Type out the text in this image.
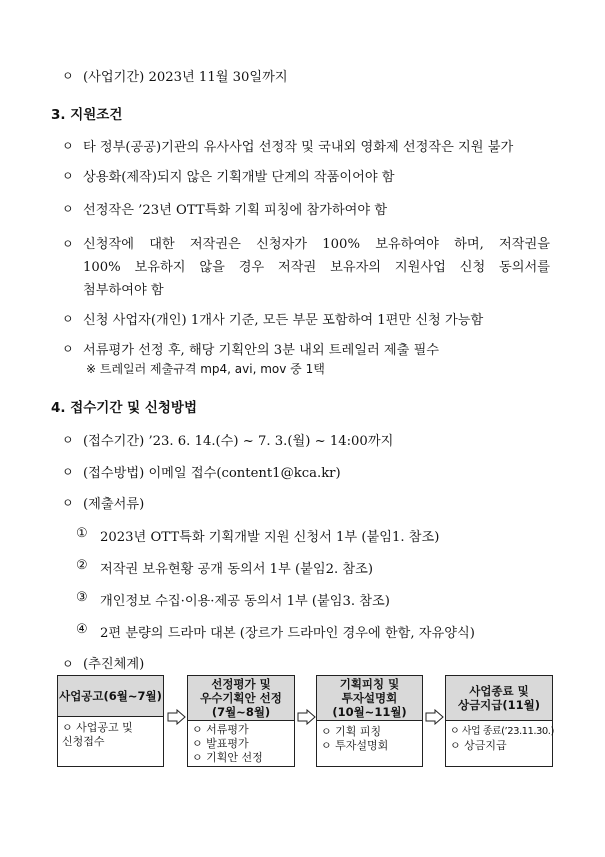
ㅇ (사업기간) 2023년 11월 30일까지
3. 지원조건
ㅇ 타 정부(공공)기관의 유사사업 선정작 및 국내외 영화제 선정작은 지원 불가
ㅇ 상용화(제작)되지 않은 기획개발 단계의 작품이어야 함
ㅇ 선정작은 ’23년 OTT특화 기획 피칭에 참가하여야 함
ㅇ 신청작에 대한 저작권은 신청자가 100% 보유하여야 하며, 저작권을
100% 보유하지 않을 경우 저작권 보유자의 지원사업 신청 동의서를
첨부하여야 함
ㅇ 신청 사업자(개인) 1개사 기준, 모든 부문 포함하여 1편만 신청 가능함
ㅇ 서류평가 선정 후, 해당 기획안의 3분 내외 트레일러 제출 필수
※ 트레일러 제출규격 mp4, avi, mov 중 1택
4. 접수기간 및 신청방법
ㅇ (접수기간) ’23. 6. 14.(수) ~ 7. 3.(월) ~ 14:00까지
ㅇ (접수방법) 이메일 접수(content1@kca.kr)
ㅇ (제출서류)
① 2023년 OTT특화 기획개발 지원 신청서 1부 (붙임1. 참조)
② 저작권 보유현황 공개 동의서 1부 (붙임2. 참조)
③ 개인정보 수집·이용·제공 동의서 1부 (붙임3. 참조)
④ 2편 분량의 드라마 대본 (장르가 드라마인 경우에 한함, 자유양식)
ㅇ (추진체계)
사업공고(6월~7월)
ㅇ 사업공고 및
신청접수
선정평가 및
우수기획안 선정
(7월~8월)
ㅇ 서류평가
ㅇ 발표평가
ㅇ 기획안 선정
기획피칭 및
투자설명회
(10월~11월)
ㅇ 기획 피칭
ㅇ 투자설명회
사업종료 및
상금지급(11월)
ㅇ 사업 종료(’23.11.30.)
ㅇ 상금지급
